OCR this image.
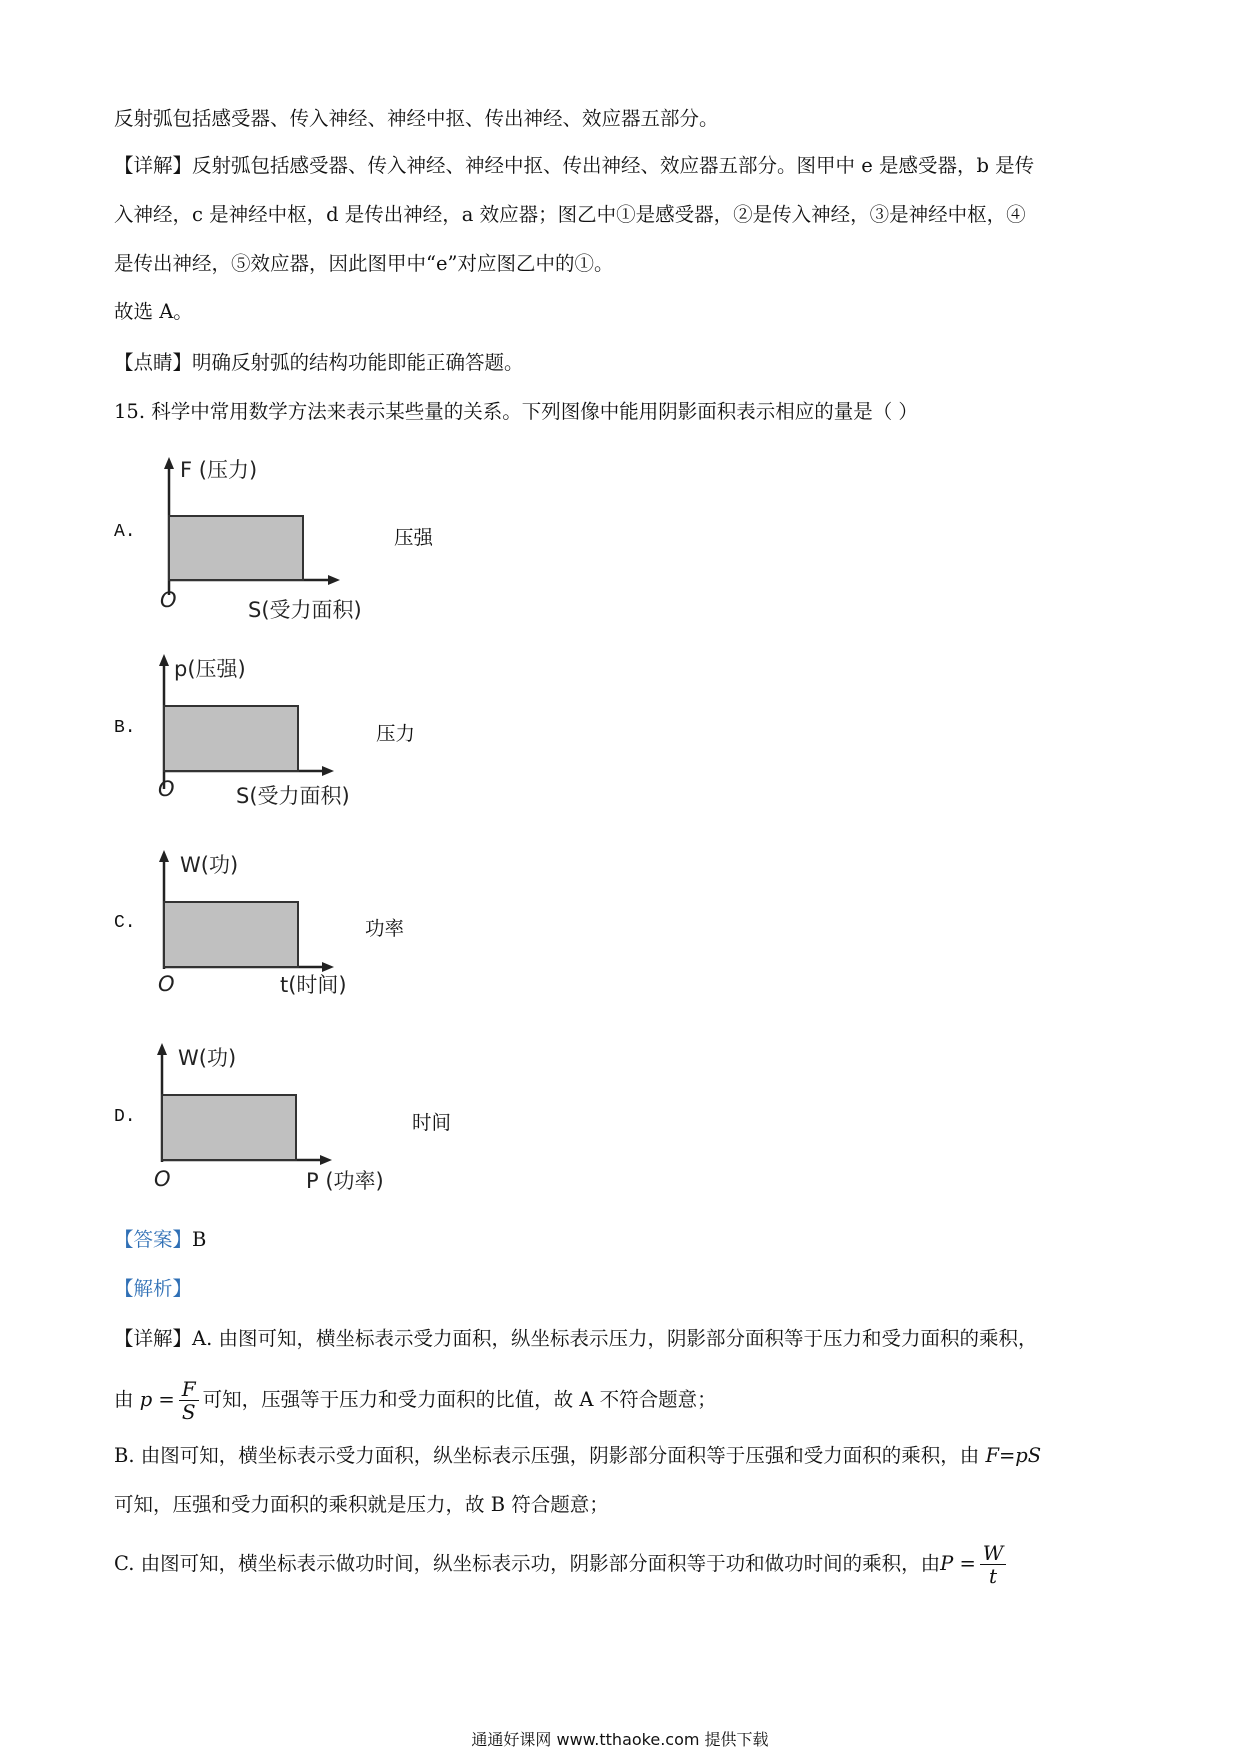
反射弧包括感受器、传入神经、神经中抠、传出神经、效应器五部分。
【详解】反射弧包括感受器、传入神经、神经中抠、传出神经、效应器五部分。图甲中 e 是感受器，b 是传
入神经，c 是神经中枢，d 是传出神经，a 效应器；图乙中①是感受器，②是传入神经，③是神经中枢，④
是传出神经，⑤效应器，因此图甲中“e”对应图乙中的①。
故选 A。
【点睛】明确反射弧的结构功能即能正确答题。
15. 科学中常用数学方法来表示某些量的关系。下列图像中能用阴影面积表示相应的量是（ ）
A.
F (压力)
O	S(受力面积)
压强
B.
p(压强)
O	S(受力面积)
压力
C.
W(功)
O	t(时间)
功率
D.
W(功)
O	P (功率)
时间
【答案】B
【解析】
【详解】A. 由图可知，横坐标表示受力面积，纵坐标表示压力，阴影部分面积等于压力和受力面积的乘积，
由 $p = \frac{F}{S}$ 可知，压强等于压力和受力面积的比值，故 A 不符合题意；
B. 由图可知，横坐标表示受力面积，纵坐标表示压强，阴影部分面积等于压强和受力面积的乘积，由 F=pS
可知，压强和受力面积的乘积就是压力，故 B 符合题意；
C. 由图可知，横坐标表示做功时间，纵坐标表示功，阴影部分面积等于功和做功时间的乘积，由$P = \frac{W}{t}$
通通好课网 www.tthaoke.com 提供下载
